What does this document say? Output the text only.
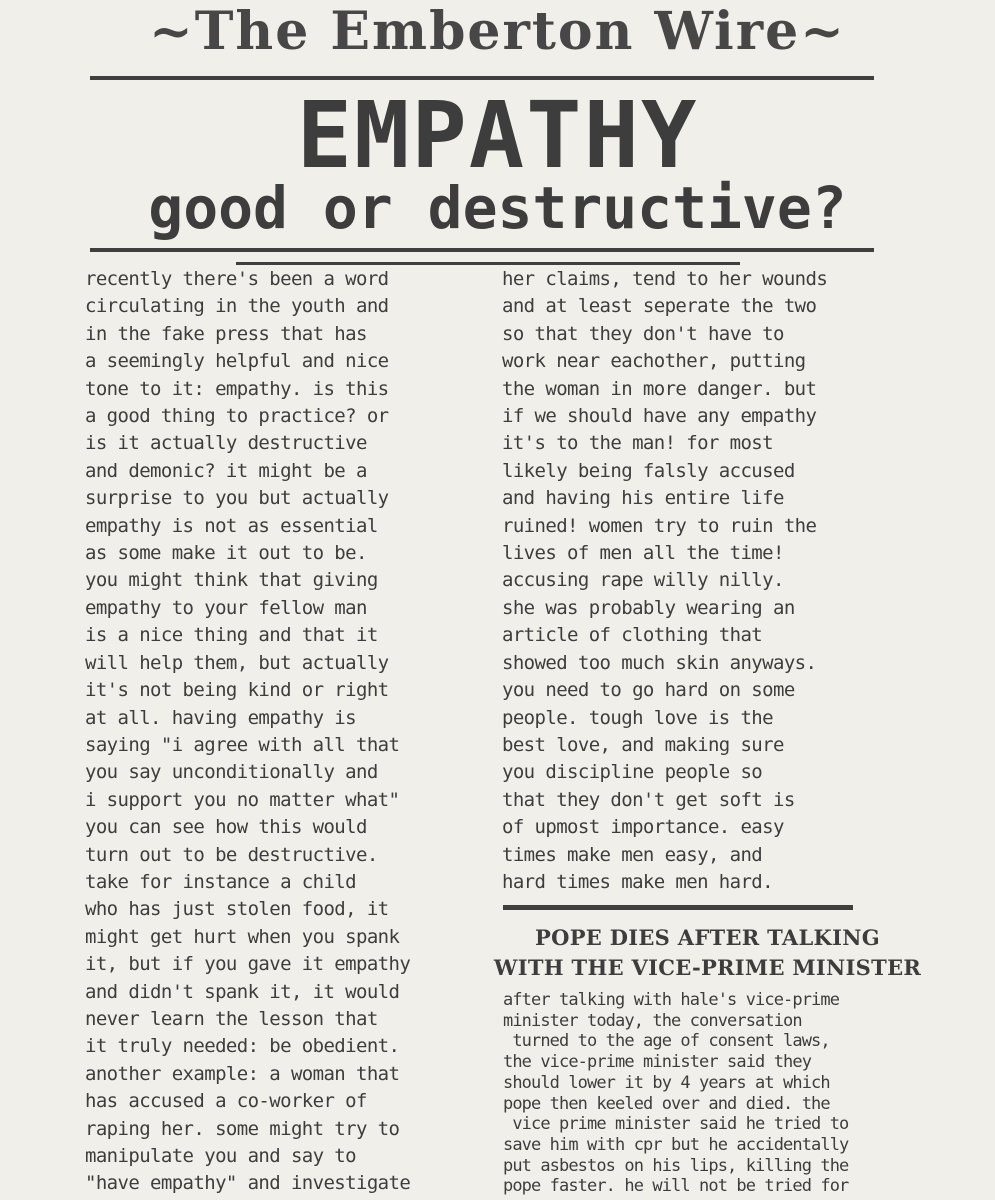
~The Emberton Wire~
EMPATHY
good or destructive?
recently there's been a word
circulating in the youth and
in the fake press that has
a seemingly helpful and nice
tone to it: empathy. is this
a good thing to practice? or
is it actually destructive
and demonic? it might be a
surprise to you but actually
empathy is not as essential
as some make it out to be.
you might think that giving
empathy to your fellow man
is a nice thing and that it
will help them, but actually
it's not being kind or right
at all. having empathy is
saying "i agree with all that
you say unconditionally and
i support you no matter what"
you can see how this would
turn out to be destructive.
take for instance a child
who has just stolen food, it
might get hurt when you spank
it, but if you gave it empathy
and didn't spank it, it would
never learn the lesson that
it truly needed: be obedient.
another example: a woman that
has accused a co-worker of
raping her. some might try to
manipulate you and say to
"have empathy" and investigate
her claims, tend to her wounds
and at least seperate the two
so that they don't have to
work near eachother, putting
the woman in more danger. but
if we should have any empathy
it's to the man! for most
likely being falsly accused
and having his entire life
ruined! women try to ruin the
lives of men all the time!
accusing rape willy nilly.
she was probably wearing an
article of clothing that
showed too much skin anyways.
you need to go hard on some
people. tough love is the
best love, and making sure
you discipline people so
that they don't get soft is
of upmost importance. easy
times make men easy, and
hard times make men hard.
POPE DIES AFTER TALKING
WITH THE VICE-PRIME MINISTER
after talking with hale's vice-prime
minister today, the conversation
turned to the age of consent laws,
the vice-prime minister said they
should lower it by 4 years at which
pope then keeled over and died. the
vice prime minister said he tried to
save him with cpr but he accidentally
put asbestos on his lips, killing the
pope faster. he will not be tried for
